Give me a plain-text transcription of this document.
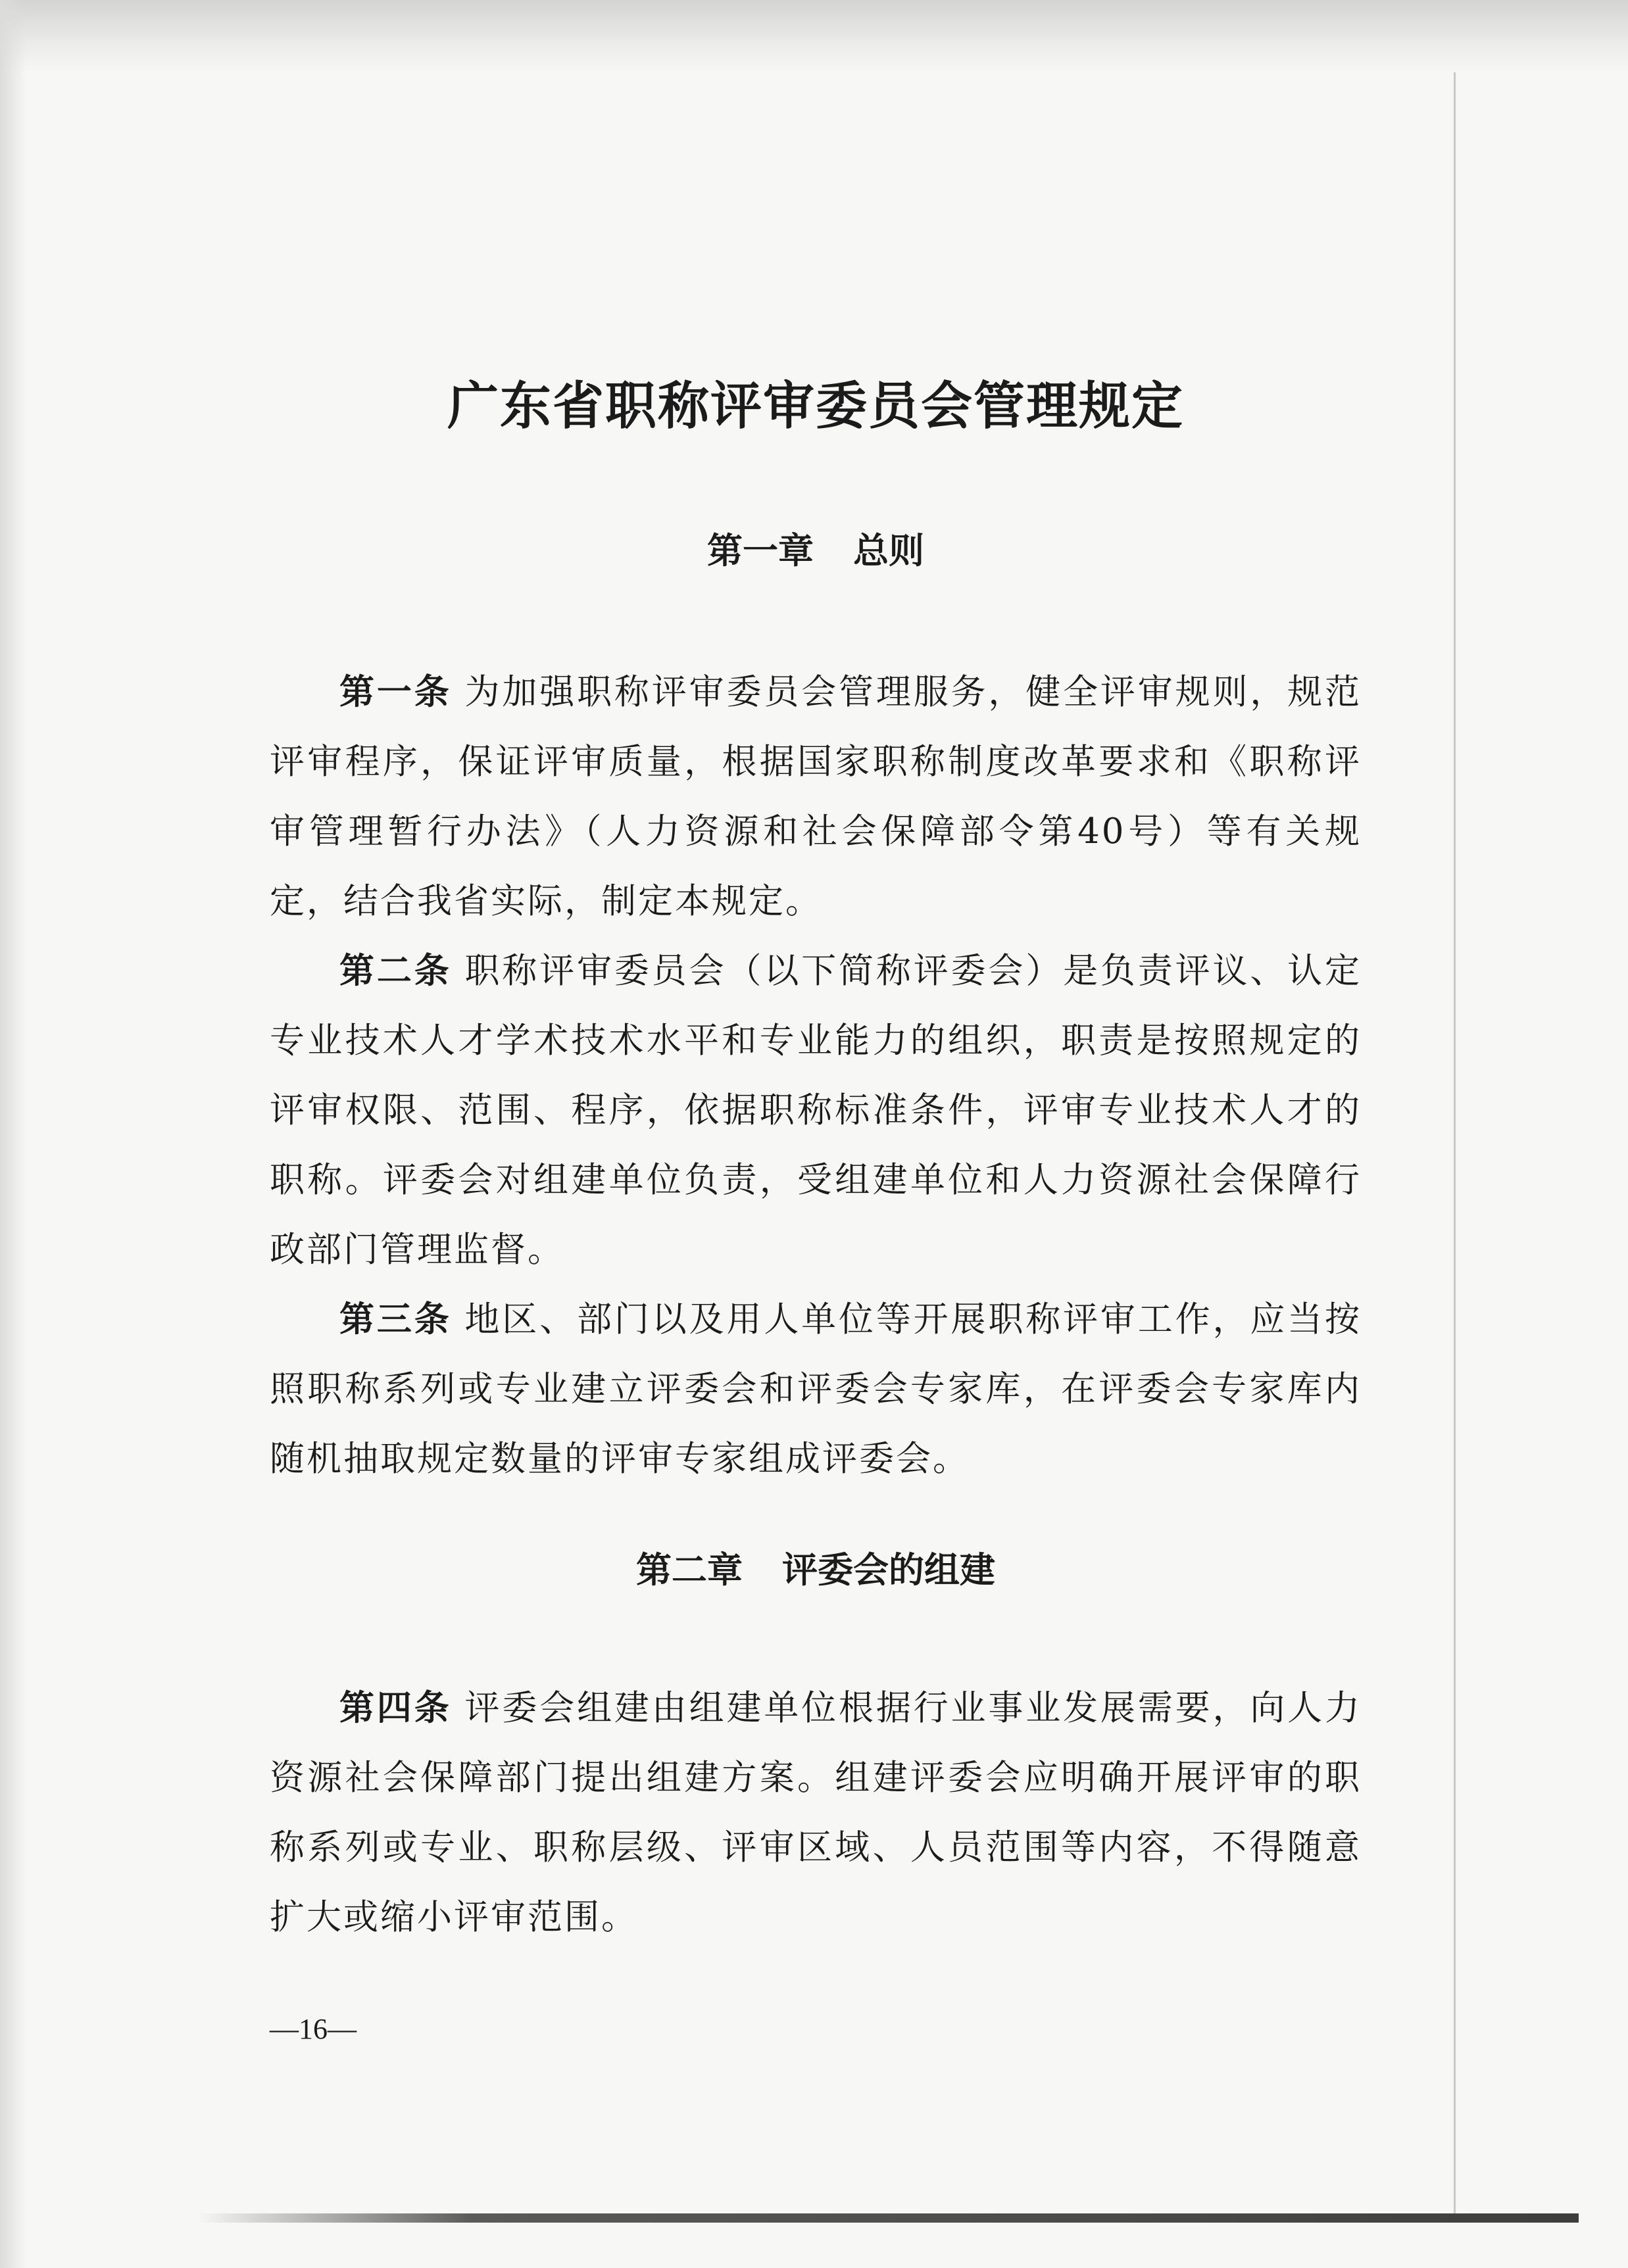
广东省职称评审委员会管理规定
第一章 总则

第一条 为加强职称评审委员会管理服务，健全评审规则，规范评审程序，保证评审质量，根据国家职称制度改革要求和《职称评审管理暂行办法》（人力资源和社会保障部令第40号）等有关规定，结合我省实际，制定本规定。

第二条 职称评审委员会（以下简称评委会）是负责评议、认定专业技术人才学术技术水平和专业能力的组织，职责是按照规定的评审权限、范围、程序，依据职称标准条件，评审专业技术人才的职称。评委会对组建单位负责，受组建单位和人力资源社会保障行政部门管理监督。

第三条 地区、部门以及用人单位等开展职称评审工作，应当按照职称系列或专业建立评委会和评委会专家库，在评委会专家库内随机抽取规定数量的评审专家组成评委会。

第二章 评委会的组建

第四条 评委会组建由组建单位根据行业事业发展需要，向人力资源社会保障部门提出组建方案。组建评委会应明确开展评审的职称系列或专业、职称层级、评审区域、人员范围等内容，不得随意扩大或缩小评审范围。

—16—
